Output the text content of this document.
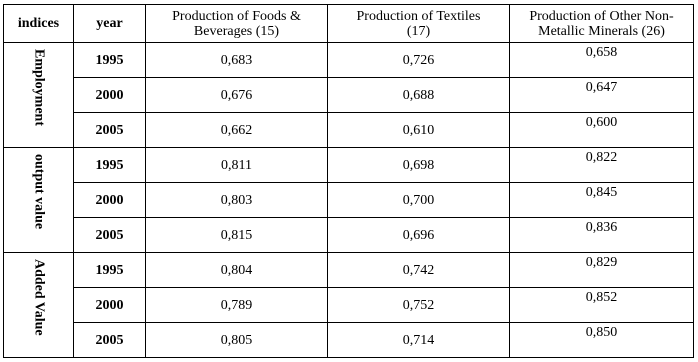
indices	year	Production of Foods &
Beverages (15)	Production of Textiles
(17)	Production of Other Non-
Metallic Minerals (26)
Employment	1995	0,683	0,726	0,658
	2000	0,676	0,688	0,647
	2005	0,662	0,610	0,600
output value	1995	0,811	0,698	0,822
	2000	0,803	0,700	0,845
	2005	0,815	0,696	0,836
Added Value	1995	0,804	0,742	0,829
	2000	0,789	0,752	0,852
	2005	0,805	0,714	0,850
